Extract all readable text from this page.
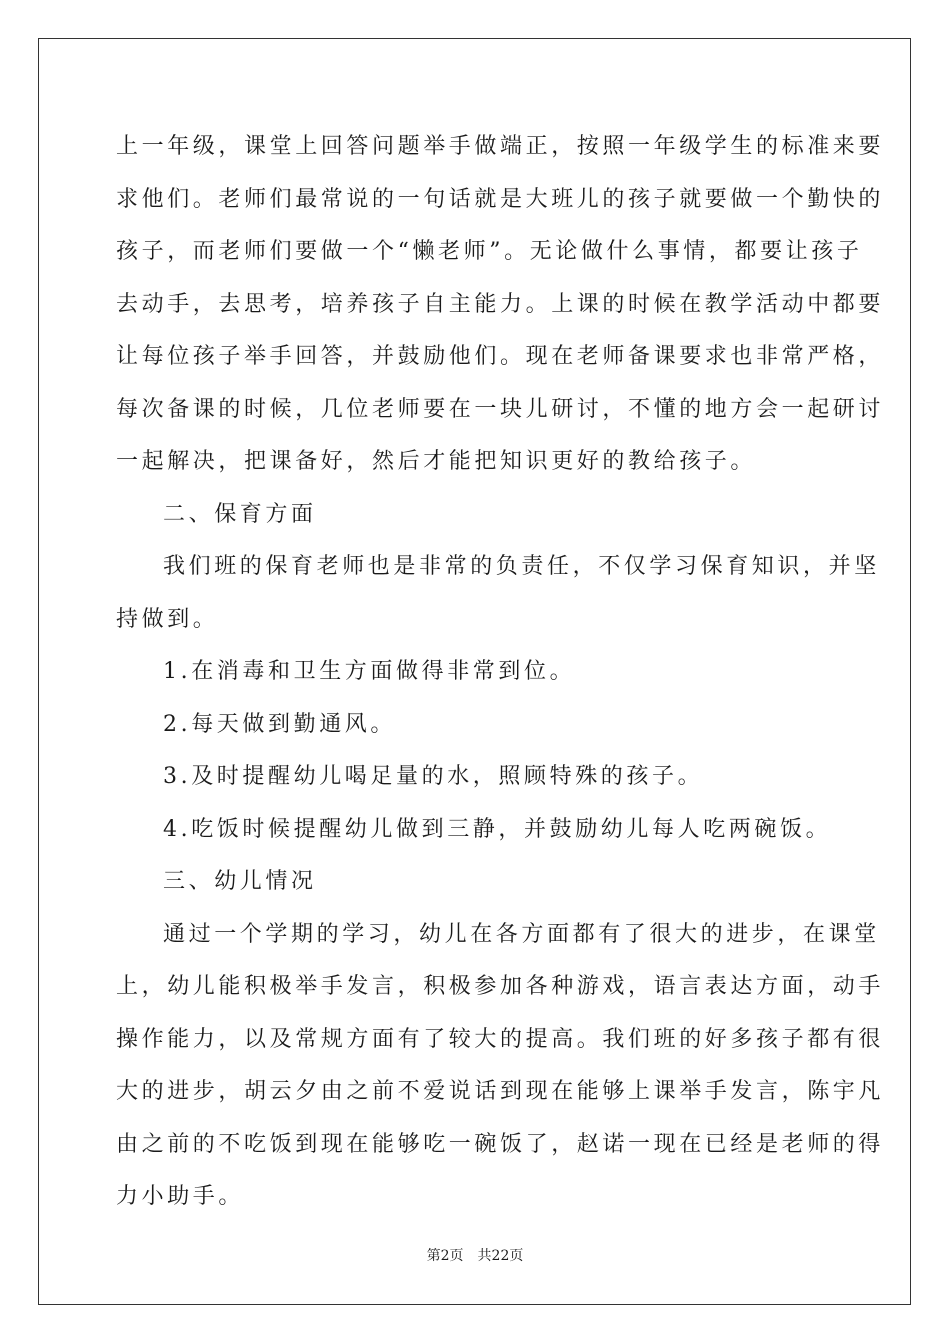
上一年级，课堂上回答问题举手做端正，按照一年级学生的标准来要
求他们。老师们最常说的一句话就是大班儿的孩子就要做一个勤快的
孩子，而老师们要做一个“懒老师”。无论做什么事情，都要让孩子
去动手，去思考，培养孩子自主能力。上课的时候在教学活动中都要
让每位孩子举手回答，并鼓励他们。现在老师备课要求也非常严格，
每次备课的时候，几位老师要在一块儿研讨，不懂的地方会一起研讨
一起解决，把课备好，然后才能把知识更好的教给孩子。
二、保育方面
我们班的保育老师也是非常的负责任，不仅学习保育知识，并坚
持做到。
1.在消毒和卫生方面做得非常到位。
2.每天做到勤通风。
3.及时提醒幼儿喝足量的水，照顾特殊的孩子。
4.吃饭时候提醒幼儿做到三静，并鼓励幼儿每人吃两碗饭。
三、幼儿情况
通过一个学期的学习，幼儿在各方面都有了很大的进步，在课堂
上，幼儿能积极举手发言，积极参加各种游戏，语言表达方面，动手
操作能力，以及常规方面有了较大的提高。我们班的好多孩子都有很
大的进步，胡云夕由之前不爱说话到现在能够上课举手发言，陈宇凡
由之前的不吃饭到现在能够吃一碗饭了，赵诺一现在已经是老师的得
力小助手。
第2页　共22页
